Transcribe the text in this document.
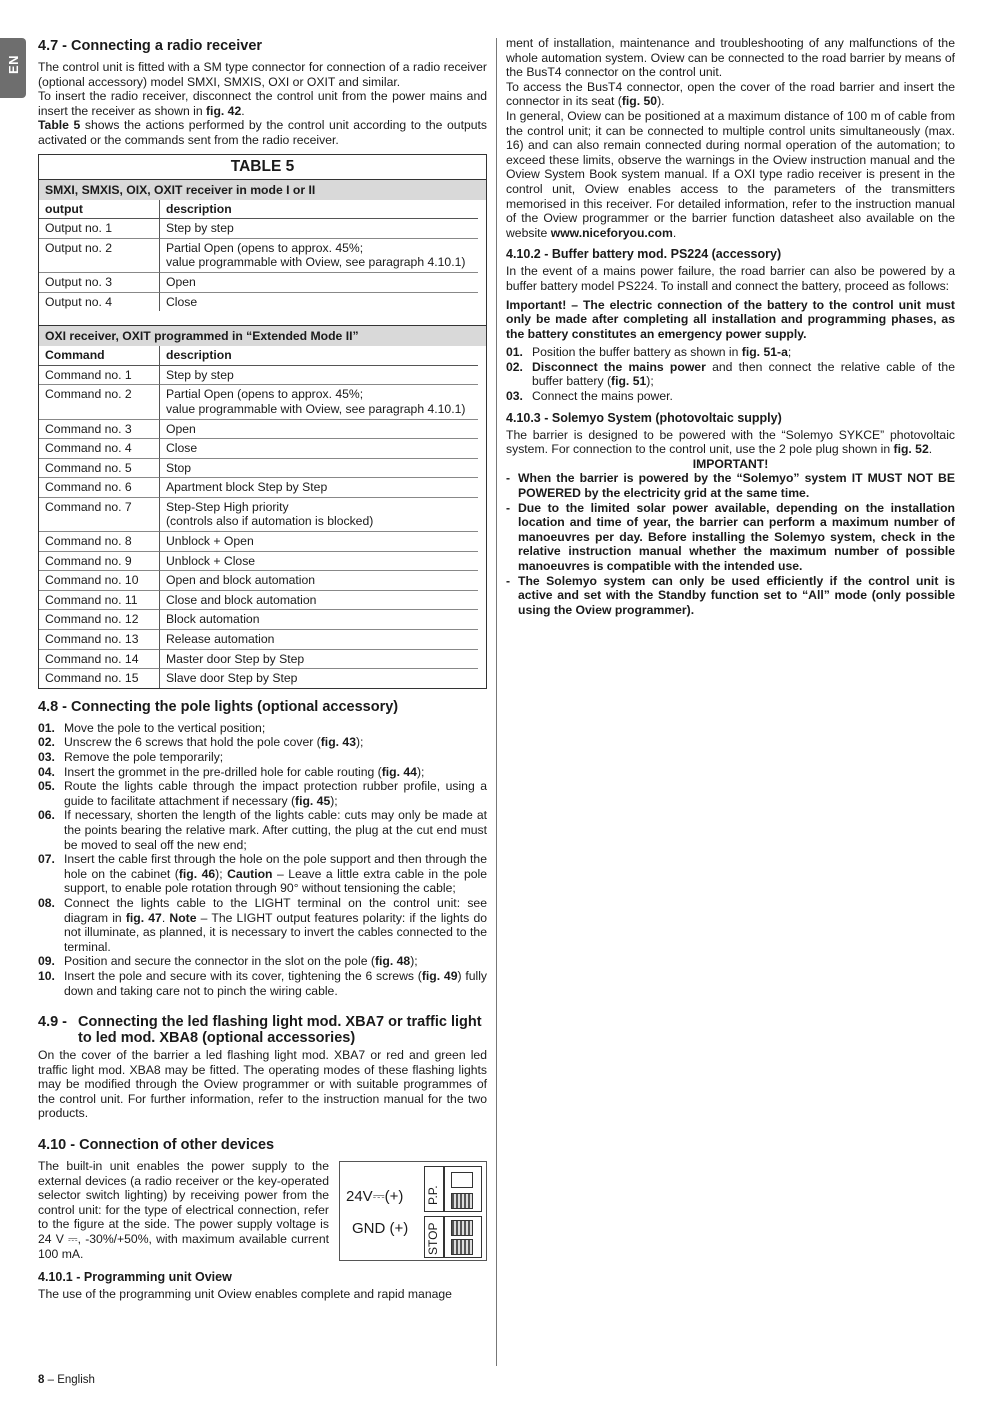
EN
4.7 - Connecting a radio receiver

The control unit is fitted with a SM type connector for connection of a radio receiver (optional accessory) model SMXI, SMXIS, OXI or OXIT and similar.

To insert the radio receiver, disconnect the control unit from the power mains and insert the receiver as shown in fig. 42.

Table 5 shows the actions performed by the control unit according to the outputs activated or the commands sent from the radio receiver.

TABLE 5
SMXI, SMXIS, OIX, OXIT receiver in mode I or II
output	description
Output no. 1	Step by step
Output no. 2	Partial Open (opens to approx. 45%;
value programmable with Oview, see paragraph 4.10.1)
Output no. 3	Open
Output no. 4	Close
OXI receiver, OXIT programmed in “Extended Mode II”
Command	description
Command no. 1	Step by step
Command no. 2	Partial Open (opens to approx. 45%;
value programmable with Oview, see paragraph 4.10.1)
Command no. 3	Open
Command no. 4	Close
Command no. 5	Stop
Command no. 6	Apartment block Step by Step
Command no. 7	Step-Step High priority
(controls also if automation is blocked)
Command no. 8	Unblock + Open
Command no. 9	Unblock + Close
Command no. 10	Open and block automation
Command no. 11	Close and block automation
Command no. 12	Block automation
Command no. 13	Release automation
Command no. 14	Master door Step by Step
Command no. 15	Slave door Step by Step
4.8 - Connecting the pole lights (optional accessory)
01. Move the pole to the vertical position;
02. Unscrew the 6 screws that hold the pole cover (fig. 43);
03. Remove the pole temporarily;
04. Insert the grommet in the pre-drilled hole for cable routing (fig. 44);
05. Route the lights cable through the impact protection rubber profile, using a guide to facilitate attachment if necessary (fig. 45);
06. If necessary, shorten the length of the lights cable: cuts may only be made at the points bearing the relative mark. After cutting, the plug at the cut end must be moved to seal off the new end;
07. Insert the cable first through the hole on the pole support and then through the hole on the cabinet (fig. 46); Caution – Leave a little extra cable in the pole support, to enable pole rotation through 90° without tensioning the cable;
08. Connect the lights cable to the LIGHT terminal on the control unit: see diagram in fig. 47. Note – The LIGHT output features polarity: if the lights do not illuminate, as planned, it is necessary to invert the cables connected to the terminal.
09. Position and secure the connector in the slot on the pole (fig. 48);
10. Insert the pole and secure with its cover, tightening the 6 screws (fig. 49) fully down and taking care not to pinch the wiring cable.
4.9 - Connecting the led flashing light mod. XBA7 or traffic light to led mod. XBA8 (optional accessories)

On the cover of the barrier a led flashing light mod. XBA7 or red and green led traffic light mod. XBA8 may be fitted. The operating modes of these flashing lights may be modified through the Oview programmer or with suitable programmes of the control unit. For further information, refer to the instruction manual for the two products.

4.10 - Connection of other devices

The built-in unit enables the power supply to the external devices (a radio receiver or the key-operated selector switch lighting) by receiving power from the control unit: for the type of electrical connection, refer to the figure at the side. The power supply voltage is 24 V ⎓, -30%/+50%, with maximum available current 100 mA.

24V⎓(+)
GND (+)
P.P.
STOP
4.10.1 - Programming unit Oview

The use of the programming unit Oview enables complete and rapid manage

ment of installation, maintenance and troubleshooting of any malfunctions of the whole automation system. Oview can be connected to the road barrier by means of the BusT4 connector on the control unit.

To access the BusT4 connector, open the cover of the road barrier and insert the connector in its seat (fig. 50).

In general, Oview can be positioned at a maximum distance of 100 m of cable from the control unit; it can be connected to multiple control units simultaneously (max. 16) and can also remain connected during normal operation of the automation; to exceed these limits, observe the warnings in the Oview instruction manual and the Oview System Book system manual. If a OXI type radio receiver is present in the control unit, Oview enables access to the parameters of the transmitters memorised in this receiver. For detailed information, refer to the instruction manual of the Oview programmer or the barrier function datasheet also available on the website www.niceforyou.com.

4.10.2 - Buffer battery mod. PS224 (accessory)

In the event of a mains power failure, the road barrier can also be powered by a buffer battery model PS224. To install and connect the battery, proceed as follows:

Important! – The electric connection of the battery to the control unit must only be made after completing all installation and programming phases, as the battery constitutes an emergency power supply.

01. Position the buffer battery as shown in fig. 51-a;
02. Disconnect the mains power and then connect the relative cable of the buffer battery (fig. 51);
03. Connect the mains power.
4.10.3 - Solemyo System (photovoltaic supply)

The barrier is designed to be powered with the “Solemyo SYKCE” photovoltaic system. For connection to the control unit, use the 2 pole plug shown in fig. 52.

IMPORTANT!

- When the barrier is powered by the “Solemyo” system IT MUST NOT BE POWERED by the electricity grid at the same time.
- Due to the limited solar power available, depending on the installation location and time of year, the barrier can perform a maximum number of manoeuvres per day. Before installing the Solemyo system, check in the relative instruction manual whether the maximum number of possible manoeuvres is compatible with the intended use.
- The Solemyo system can only be used efficiently if the control unit is active and set with the Standby function set to “All” mode (only possible using the Oview programmer).
8 – English
